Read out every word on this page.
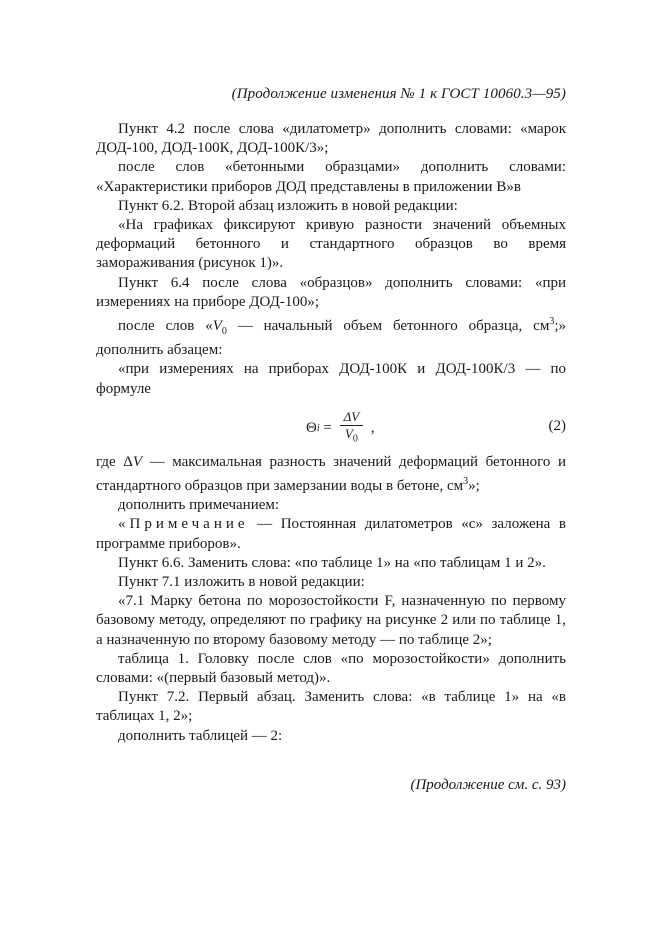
(Продолжение изменения № 1 к ГОСТ 10060.3—95)

Пункт 4.2 после слова «дилатометр» дополнить словами: «марок ДОД-100, ДОД-100К, ДОД-100К/3»;

после слов «бетонными образцами» дополнить словами: «Характеристики приборов ДОД представлены в приложении В»в

Пункт 6.2. Второй абзац изложить в новой редакции:

«На графиках фиксируют кривую разности значений объемных деформаций бетонного и стандартного образцов во время замораживания (рисунок 1)».

Пункт 6.4 после слова «образцов» дополнить словами: «при измерениях на приборе ДОД-100»;

после слов «$V_0$ — начальный объем бетонного образца, $см^3$;» дополнить абзацем:

«при измерениях на приборах ДОД-100К и ДОД-100К/3 — по формуле

Θ $i = \frac{\Delta V}{V_0}$ ,	(2)

где ΔV — максимальная разность значений деформаций бетонного и стандартного образцов при замерзании воды в бетоне, $см^3$»;

дополнить примечанием:

«Примечание — Постоянная дилатометров «с» заложена в программе приборов».

Пункт 6.6. Заменить слова: «по таблице 1» на «по таблицам 1 и 2».

Пункт 7.1 изложить в новой редакции:

«7.1 Марку бетона по морозостойкости F, назначенную по первому базовому методу, определяют по графику на рисунке 2 или по таблице 1, а назначенную по второму базовому методу — по таблице 2»;

таблица 1. Головку после слов «по морозостойкости» дополнить словами: «(первый базовый метод)».

Пункт 7.2. Первый абзац. Заменить слова: «в таблице 1» на «в таблицах 1, 2»;

дополнить таблицей — 2:

(Продолжение см. с. 93)
